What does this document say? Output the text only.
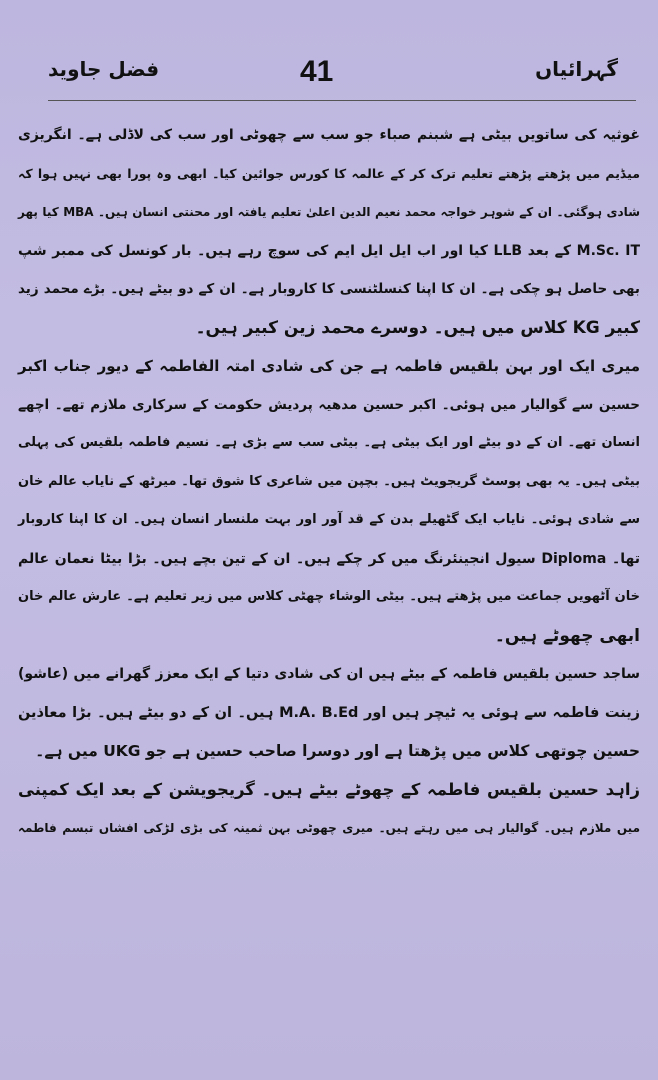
فضل جاوید	41	گہرائیاں
غوثیہ کی ساتویں بیٹی ہے شبنم صباء جو سب سے چھوٹی اور سب کی لاڈلی ہے۔ انگریزی
میڈیم میں پڑھتے پڑھتے تعلیم ترک کر کے عالمہ کا کورس جوائین کیا۔ ابھی وہ پورا بھی نہیں ہوا کہ
شادی ہوگئی۔ ان کے شوہر خواجہ محمد نعیم الدین اعلیٰ تعلیم یافتہ اور محنتی انسان ہیں۔ MBA کیا پھر
M.Sc. IT کے بعد LLB کیا اور اب ایل ایل ایم کی سوچ رہے ہیں۔ بار کونسل کی ممبر شپ
بھی حاصل ہو چکی ہے۔ ان کا اپنا کنسلٹنسی کا کاروبار ہے۔ ان کے دو بیٹے ہیں۔ بڑے محمد زید
کبیر KG کلاس میں ہیں۔ دوسرے محمد زین کبیر ہیں۔
میری ایک اور بہن بلقیس فاطمہ ہے جن کی شادی امتہ الفاطمہ کے دیور جناب اکبر
حسین سے گوالیار میں ہوئی۔ اکبر حسین مدھیہ پردیش حکومت کے سرکاری ملازم تھے۔ اچھے
انسان تھے۔ ان کے دو بیٹے اور ایک بیٹی ہے۔ بیٹی سب سے بڑی ہے۔ نسیم فاطمہ بلقیس کی پہلی
بیٹی ہیں۔ یہ بھی پوسٹ گریجویٹ ہیں۔ بچپن میں شاعری کا شوق تھا۔ میرٹھ کے نایاب عالم خان
سے شادی ہوئی۔ نایاب ایک گٹھیلے بدن کے قد آور اور بہت ملنسار انسان ہیں۔ ان کا اپنا کاروبار
تھا۔ Diploma سیول انجینئرنگ میں کر چکے ہیں۔ ان کے تین بچے ہیں۔ بڑا بیٹا نعمان عالم
خان آٹھویں جماعت میں پڑھتے ہیں۔ بیٹی الوشاء چھٹی کلاس میں زیر تعلیم ہے۔ عارش عالم خان
ابھی چھوٹے ہیں۔
ساجد حسین بلقیس فاطمہ کے بیٹے ہیں ان کی شادی دتیا کے ایک معزز گھرانے میں (عاشو)
زینت فاطمہ سے ہوئی یہ ٹیچر ہیں اور M.A. B.Ed ہیں۔ ان کے دو بیٹے ہیں۔ بڑا معاذین
حسین چوتھی کلاس میں پڑھتا ہے اور دوسرا صاحب حسین ہے جو UKG میں ہے۔
زاہد حسین بلقیس فاطمہ کے چھوٹے بیٹے ہیں۔ گریجویشن کے بعد ایک کمپنی
میں ملازم ہیں۔ گوالیار ہی میں رہتے ہیں۔ میری چھوٹی بہن ثمینہ کی بڑی لڑکی افشاں تبسم فاطمہ
